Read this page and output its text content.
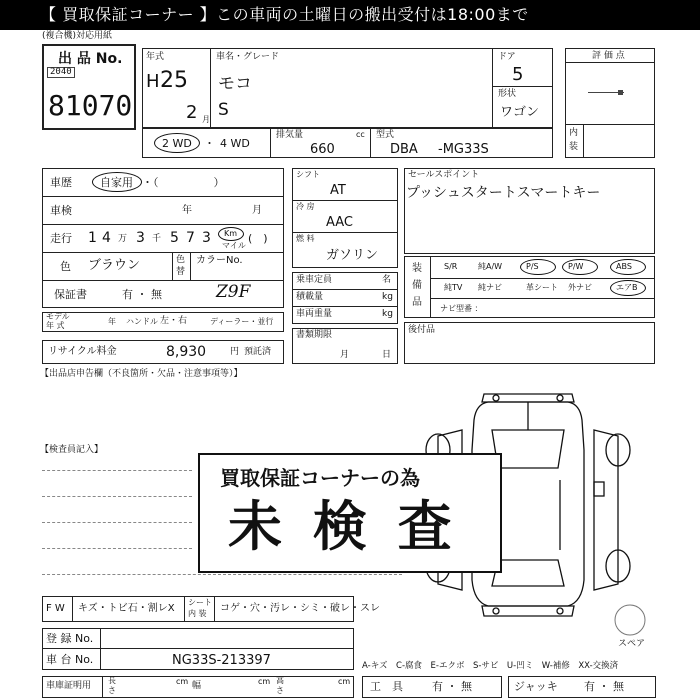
【 買取保証コーナー 】この車両の土曜日の搬出受付は18:00まで
(複合機)対応用紙
出 品 No.
2040
81070
年式
H 25
2 月
車名・グレード
モコ
S
ドア
5
形状
ワゴン
評 価 点
内
装
2 WD ・ 4 WD
排気量	cc
660
型式
DBA -MG33S
車歴	自家用 ・（　　　　　）
車検	年	月
走行 1 4 万 3 千 5 7 3 Km
マイル
(　)
色 ブラウン	色
替
カラーNo.
保証書	有 ・ 無	Z9F
モデル
年 式	年 ハンドル 左・右	ディーラー・並行
リサイクル料金	8,930	円 預託済
シフト
AT
冷 房
AAC
燃 料
ガソリン
乗車定員	名
積載量	kg
車両重量	kg
書類期限
月	日
セールスポイント
プッシュスタートスマートキー
装
備
品
S/R	純A/W	P/S	P/W	ABS
純TV 純ナビ	革シート 外ナビ	エアB
ナビ型番 ：
後付品
【出品店申告欄（不良箇所・欠品・注意事項等）】
【検査員記入】
買取保証コーナーの為
未 検 査
スペア
F W キズ・トビ石・割レX
シート
内 装 コゲ・穴・汚レ・シミ・破レ・スレ
登 録 No.
車 台 No.	NG33S-213397
車庫証明用
長
さ
cm 幅	cm 高
さ
cm
A-キズ　C-腐食　E-エクボ　S-サビ　U-凹ミ　W-補修　XX-交換済
工　具	有 ・ 無	ジャッキ 有 ・ 無
